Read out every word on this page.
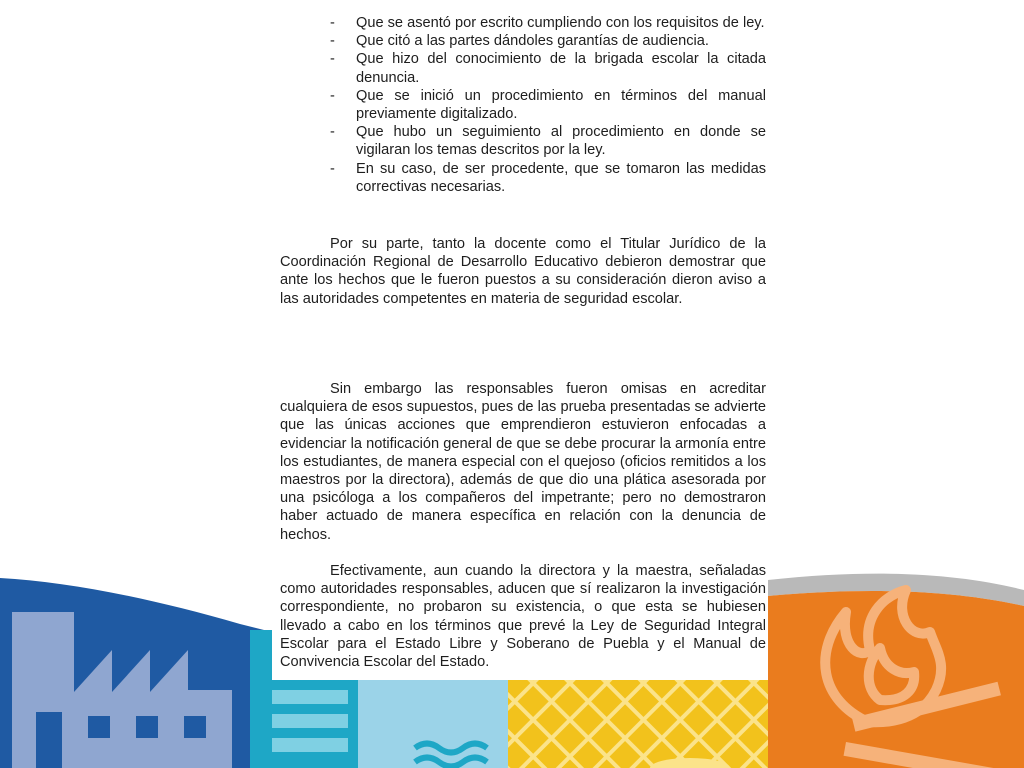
- Que se asentó por escrito cumpliendo con los requisitos de ley.
- Que citó a las partes dándoles garantías de audiencia.
- Que hizo del conocimiento de la brigada escolar la citada denuncia.
- Que se inició un procedimiento en términos del manual previamente digitalizado.
- Que hubo un seguimiento al procedimiento en donde se vigilaran los temas descritos por la ley.
- En su caso, de ser procedente, que se tomaron las medidas correctivas necesarias.

Por su parte, tanto la docente como el Titular Jurídico de la Coordinación Regional de Desarrollo Educativo debieron demostrar que ante los hechos que le fueron puestos a su consideración dieron aviso a las autoridades competentes en materia de seguridad escolar.

Sin embargo las responsables fueron omisas en acreditar cualquiera de esos supuestos, pues de las prueba presentadas se advierte que las únicas acciones que emprendieron estuvieron enfocadas a evidenciar la notificación general de que se debe procurar la armonía entre los estudiantes, de manera especial con el quejoso (oficios remitidos a los maestros por la directora), además de que dio una plática asesorada por una psicóloga a los compañeros del impetrante; pero no demostraron haber actuado de manera específica en relación con la denuncia de hechos.

Efectivamente, aun cuando la directora y la maestra, señaladas como autoridades responsables, aducen que sí realizaron la investigación correspondiente, no probaron su existencia, o que esta se hubiesen llevado a cabo en los términos que prevé la Ley de Seguridad Integral Escolar para el Estado Libre y Soberano de Puebla y el Manual de Convivencia Escolar del Estado.
